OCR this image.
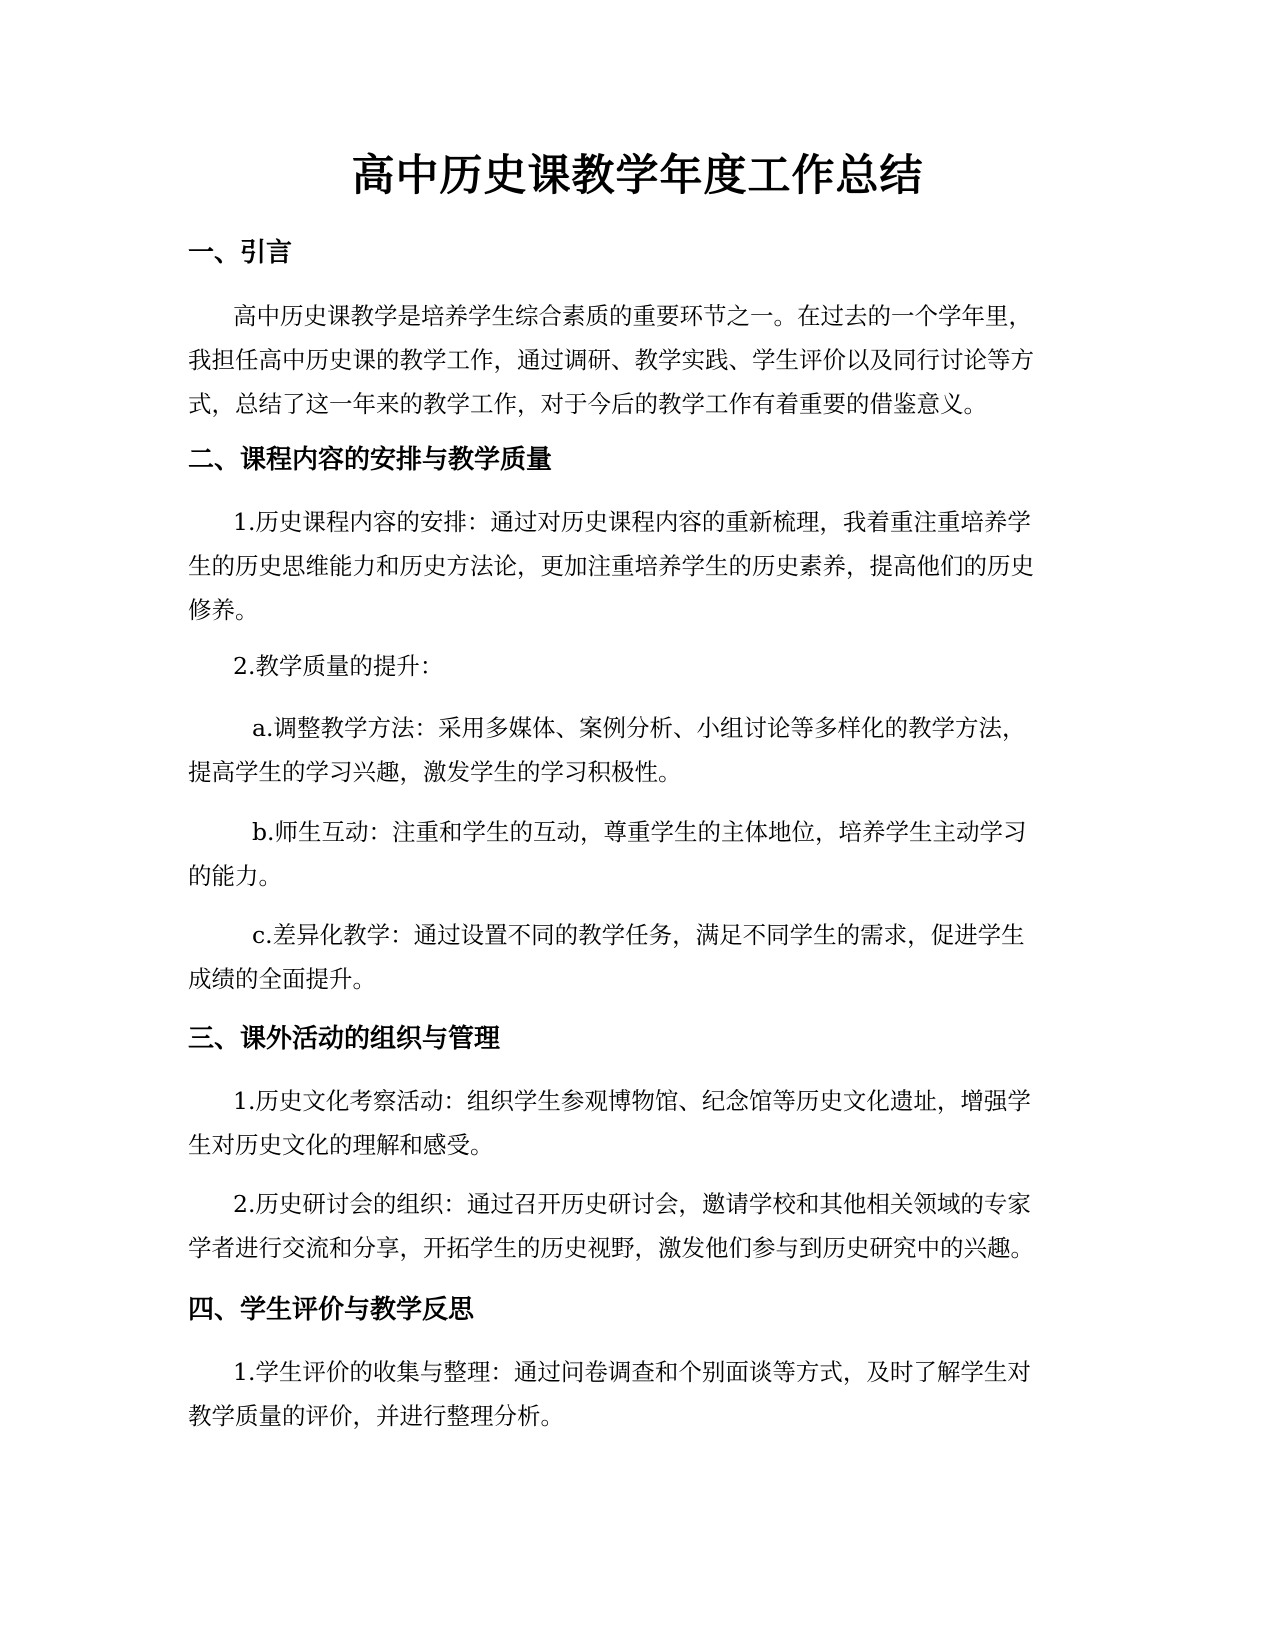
高中历史课教学年度工作总结
一、引言

高中历史课教学是培养学生综合素质的重要环节之一。在过去的一个学年里，
我担任高中历史课的教学工作，通过调研、教学实践、学生评价以及同行讨论等方
式，总结了这一年来的教学工作，对于今后的教学工作有着重要的借鉴意义。

二、课程内容的安排与教学质量

1.历史课程内容的安排：通过对历史课程内容的重新梳理，我着重注重培养学
生的历史思维能力和历史方法论，更加注重培养学生的历史素养，提高他们的历史
修养。

2.教学质量的提升：

a.调整教学方法：采用多媒体、案例分析、小组讨论等多样化的教学方法，
提高学生的学习兴趣，激发学生的学习积极性。

b.师生互动：注重和学生的互动，尊重学生的主体地位，培养学生主动学习
的能力。

c.差异化教学：通过设置不同的教学任务，满足不同学生的需求，促进学生
成绩的全面提升。

三、课外活动的组织与管理

1.历史文化考察活动：组织学生参观博物馆、纪念馆等历史文化遗址，增强学
生对历史文化的理解和感受。

2.历史研讨会的组织：通过召开历史研讨会，邀请学校和其他相关领域的专家
学者进行交流和分享，开拓学生的历史视野，激发他们参与到历史研究中的兴趣。

四、学生评价与教学反思

1.学生评价的收集与整理：通过问卷调查和个别面谈等方式，及时了解学生对
教学质量的评价，并进行整理分析。
